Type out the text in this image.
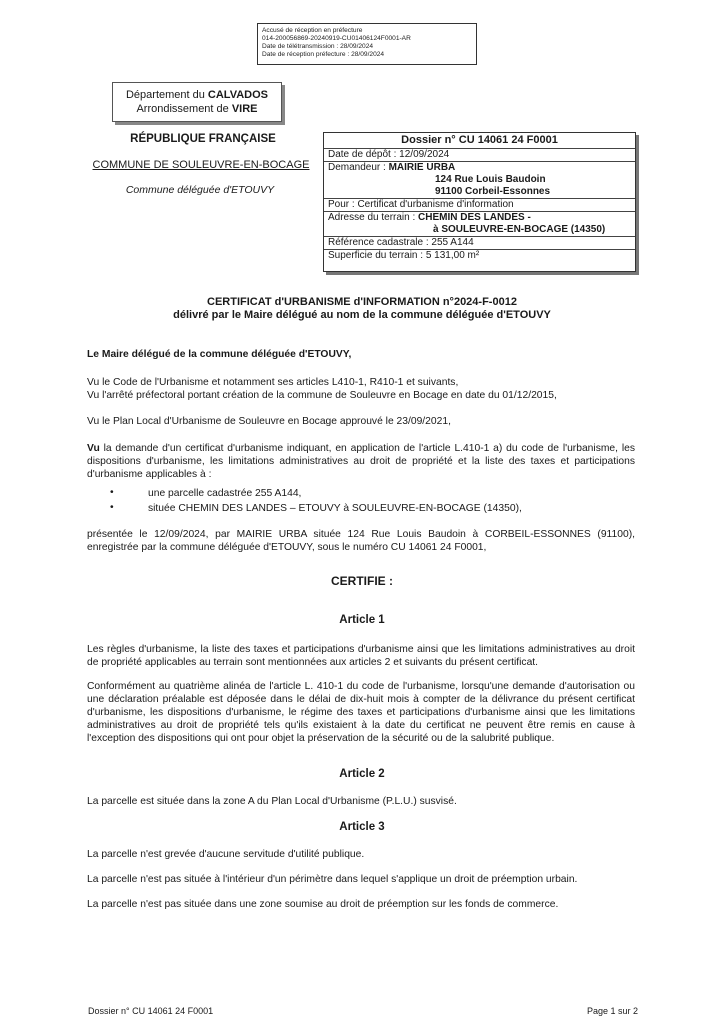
Accusé de réception en préfecture
014-200056869-20240919-CU01406124F0001-AR
Date de télétransmission : 28/09/2024
Date de réception préfecture : 28/09/2024
Département du CALVADOS
Arrondissement de VIRE
RÉPUBLIQUE FRANÇAISE
COMMUNE DE SOULEUVRE-EN-BOCAGE
Commune déléguée d'ETOUVY
Dossier n° CU 14061 24 F0001
Date de dépôt : 12/09/2024
Demandeur : MAIRIE URBA
124 Rue Louis Baudoin
91100 Corbeil-Essonnes
Pour : Certificat d'urbanisme d'information
Adresse du terrain : CHEMIN DES LANDES -
à SOULEUVRE-EN-BOCAGE (14350)
Référence cadastrale : 255 A144
Superficie du terrain : 5 131,00 m²
CERTIFICAT d'URBANISME d'INFORMATION n°2024-F-0012
délivré par le Maire délégué au nom de la commune déléguée d'ETOUVY
Le Maire délégué de la commune déléguée d'ETOUVY,
Vu le Code de l'Urbanisme et notamment ses articles L410-1, R410-1 et suivants,
Vu l'arrêté préfectoral portant création de la commune de Souleuvre en Bocage en date du 01/12/2015,
Vu le Plan Local d'Urbanisme de Souleuvre en Bocage approuvé le 23/09/2021,
Vu la demande d'un certificat d'urbanisme indiquant, en application de l'article L.410-1 a) du code de l'urbanisme, les dispositions d'urbanisme, les limitations administratives au droit de propriété et la liste des taxes et participations d'urbanisme applicables à :
•	une parcelle cadastrée 255 A144,
•	située CHEMIN DES LANDES – ETOUVY à SOULEUVRE-EN-BOCAGE (14350),
présentée le 12/09/2024, par MAIRIE URBA située 124 Rue Louis Baudoin à CORBEIL-ESSONNES (91100), enregistrée par la commune déléguée d'ETOUVY, sous le numéro CU 14061 24 F0001,
CERTIFIE :
Article 1
Les règles d'urbanisme, la liste des taxes et participations d'urbanisme ainsi que les limitations administratives au droit de propriété applicables au terrain sont mentionnées aux articles 2 et suivants du présent certificat.
Conformément au quatrième alinéa de l'article L. 410-1 du code de l'urbanisme, lorsqu'une demande d'autorisation ou une déclaration préalable est déposée dans le délai de dix-huit mois à compter de la délivrance du présent certificat d'urbanisme, les dispositions d'urbanisme, le régime des taxes et participations d'urbanisme ainsi que les limitations administratives au droit de propriété tels qu'ils existaient à la date du certificat ne peuvent être remis en cause à l'exception des dispositions qui ont pour objet la préservation de la sécurité ou de la salubrité publique.
Article 2
La parcelle est située dans la zone A du Plan Local d'Urbanisme (P.L.U.) susvisé.
Article 3
La parcelle n'est grevée d'aucune servitude d'utilité publique.
La parcelle n'est pas située à l'intérieur d'un périmètre dans lequel s'applique un droit de préemption urbain.
La parcelle n'est pas située dans une zone soumise au droit de préemption sur les fonds de commerce.
Dossier n° CU 14061 24 F0001	Page 1 sur 2
